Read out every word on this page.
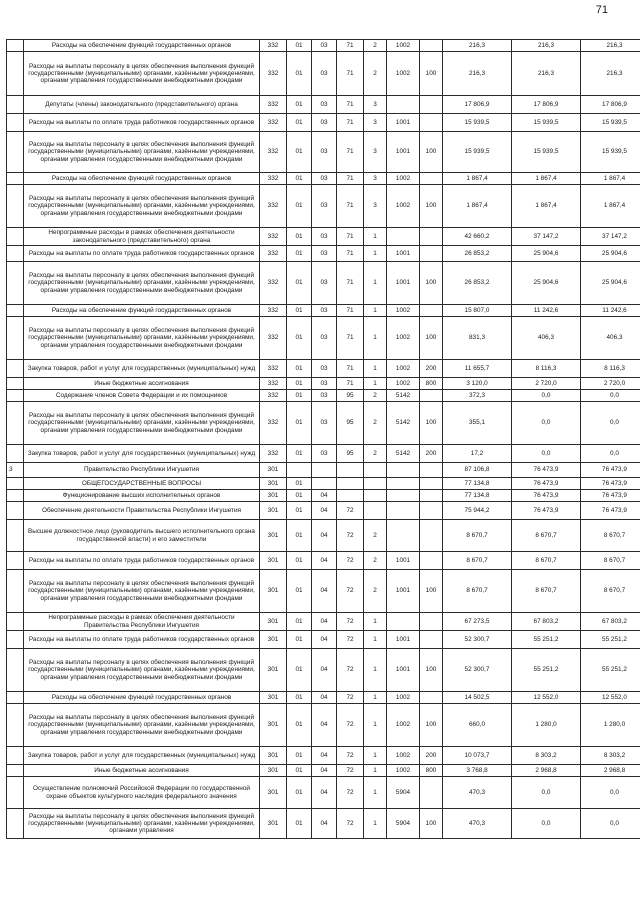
71
	Расходы на обеспечение функций государственных органов	332	01	03	71	2	1002		216,3	216,3	216,3
	Расходы на выплаты персоналу в целях обеспечения выполнения функций государственными (муниципальными) органами, казёнными учреждениями, органами управления государственными внебюджетными фондами	332	01	03	71	2	1002	100	216,3	216,3	216,3
	Депутаты (члены) законодательного (представительного) органа	332	01	03	71	3			17 806,9	17 806,9	17 806,9
	Расходы на выплаты по оплате труда работников государственных органов	332	01	03	71	3	1001		15 939,5	15 939,5	15 939,5
	Расходы на выплаты персоналу в целях обеспечения выполнения функций государственными (муниципальными) органами, казёнными учреждениями, органами управления государственными внебюджетными фондами	332	01	03	71	3	1001	100	15 939,5	15 939,5	15 939,5
	Расходы на обеспечение функций государственных органов	332	01	03	71	3	1002		1 867,4	1 867,4	1 867,4
	Расходы на выплаты персоналу в целях обеспечения выполнения функций государственными (муниципальными) органами, казёнными учреждениями, органами управления государственными внебюджетными фондами	332	01	03	71	3	1002	100	1 867,4	1 867,4	1 867,4
	Непрограммные расходы в рамках обеспечения деятельности законодательного (представительного) органа	332	01	03	71	1			42 660,2	37 147,2	37 147,2
	Расходы на выплаты по оплате труда работников государственных органов	332	01	03	71	1	1001		26 853,2	25 904,6	25 904,6
	Расходы на выплаты персоналу в целях обеспечения выполнения функций государственными (муниципальными) органами, казёнными учреждениями, органами управления государственными внебюджетными фондами	332	01	03	71	1	1001	100	26 853,2	25 904,6	25 904,6
	Расходы на обеспечение функций государственных органов	332	01	03	71	1	1002		15 807,0	11 242,6	11 242,6
	Расходы на выплаты персоналу в целях обеспечения выполнения функций государственными (муниципальными) органами, казёнными учреждениями, органами управления государственными внебюджетными фондами	332	01	03	71	1	1002	100	831,3	406,3	406,3
	Закупка товаров, работ и услуг для государственных (муниципальных) нужд	332	01	03	71	1	1002	200	11 655,7	8 116,3	8 116,3
	Иные бюджетные ассигнования	332	01	03	71	1	1002	800	3 120,0	2 720,0	2 720,0
	Содержание членов Совета Федерации и их помощников	332	01	03	95	2	5142		372,3	0,0	0,0
	Расходы на выплаты персоналу в целях обеспечения выполнения функций государственными (муниципальными) органами, казёнными учреждениями, органами управления государственными внебюджетными фондами	332	01	03	95	2	5142	100	355,1	0,0	0,0
	Закупка товаров, работ и услуг для государственных (муниципальных) нужд	332	01	03	95	2	5142	200	17,2	0,0	0,0
3	Правительство Республики Ингушетия	301							87 106,8	76 473,9	76 473,9
	ОБЩЕГОСУДАРСТВЕННЫЕ ВОПРОСЫ	301	01						77 134,8	76 473,9	76 473,9
	Функционирование высших исполнительных органов	301	01	04					77 134,8	76 473,9	76 473,9
	Обеспечение деятельности Правительства Республики Ингушетия	301	01	04	72				75 944,2	76 473,9	76 473,9
	Высшее должностное лицо (руководитель высшего исполнительного органа государственной власти) и его заместители	301	01	04	72	2			8 670,7	8 670,7	8 670,7
	Расходы на выплаты по оплате труда работников государственных органов	301	01	04	72	2	1001		8 670,7	8 670,7	8 670,7
	Расходы на выплаты персоналу в целях обеспечения выполнения функций государственными (муниципальными) органами, казёнными учреждениями, органами управления государственными внебюджетными фондами	301	01	04	72	2	1001	100	8 670,7	8 670,7	8 670,7
	Непрограммные расходы в рамках обеспечения деятельности Правительства Республики Ингушетия	301	01	04	72	1			67 273,5	67 803,2	67 803,2
	Расходы на выплаты по оплате труда работников государственных органов	301	01	04	72	1	1001		52 300,7	55 251,2	55 251,2
	Расходы на выплаты персоналу в целях обеспечения выполнения функций государственными (муниципальными) органами, казёнными учреждениями, органами управления государственными внебюджетными фондами	301	01	04	72	1	1001	100	52 300,7	55 251,2	55 251,2
	Расходы на обеспечение функций государственных органов	301	01	04	72	1	1002		14 502,5	12 552,0	12 552,0
	Расходы на выплаты персоналу в целях обеспечения выполнения функций государственными (муниципальными) органами, казёнными учреждениями, органами управления государственными внебюджетными фондами	301	01	04	72	1	1002	100	660,0	1 280,0	1 280,0
	Закупка товаров, работ и услуг для государственных (муниципальных) нужд	301	01	04	72	1	1002	200	10 073,7	8 303,2	8 303,2
	Иные бюджетные ассигнования	301	01	04	72	1	1002	800	3 768,8	2 968,8	2 968,8
	Осуществление полномочий Российской Федерации по государственной охране объектов культурного наследия федерального значения	301	01	04	72	1	5904		470,3	0,0	0,0
	Расходы на выплаты персоналу в целях обеспечения выполнения функций государственными (муниципальными) органами, казёнными учреждениями, органами управления	301	01	04	72	1	5904	100	470,3	0,0	0,0
